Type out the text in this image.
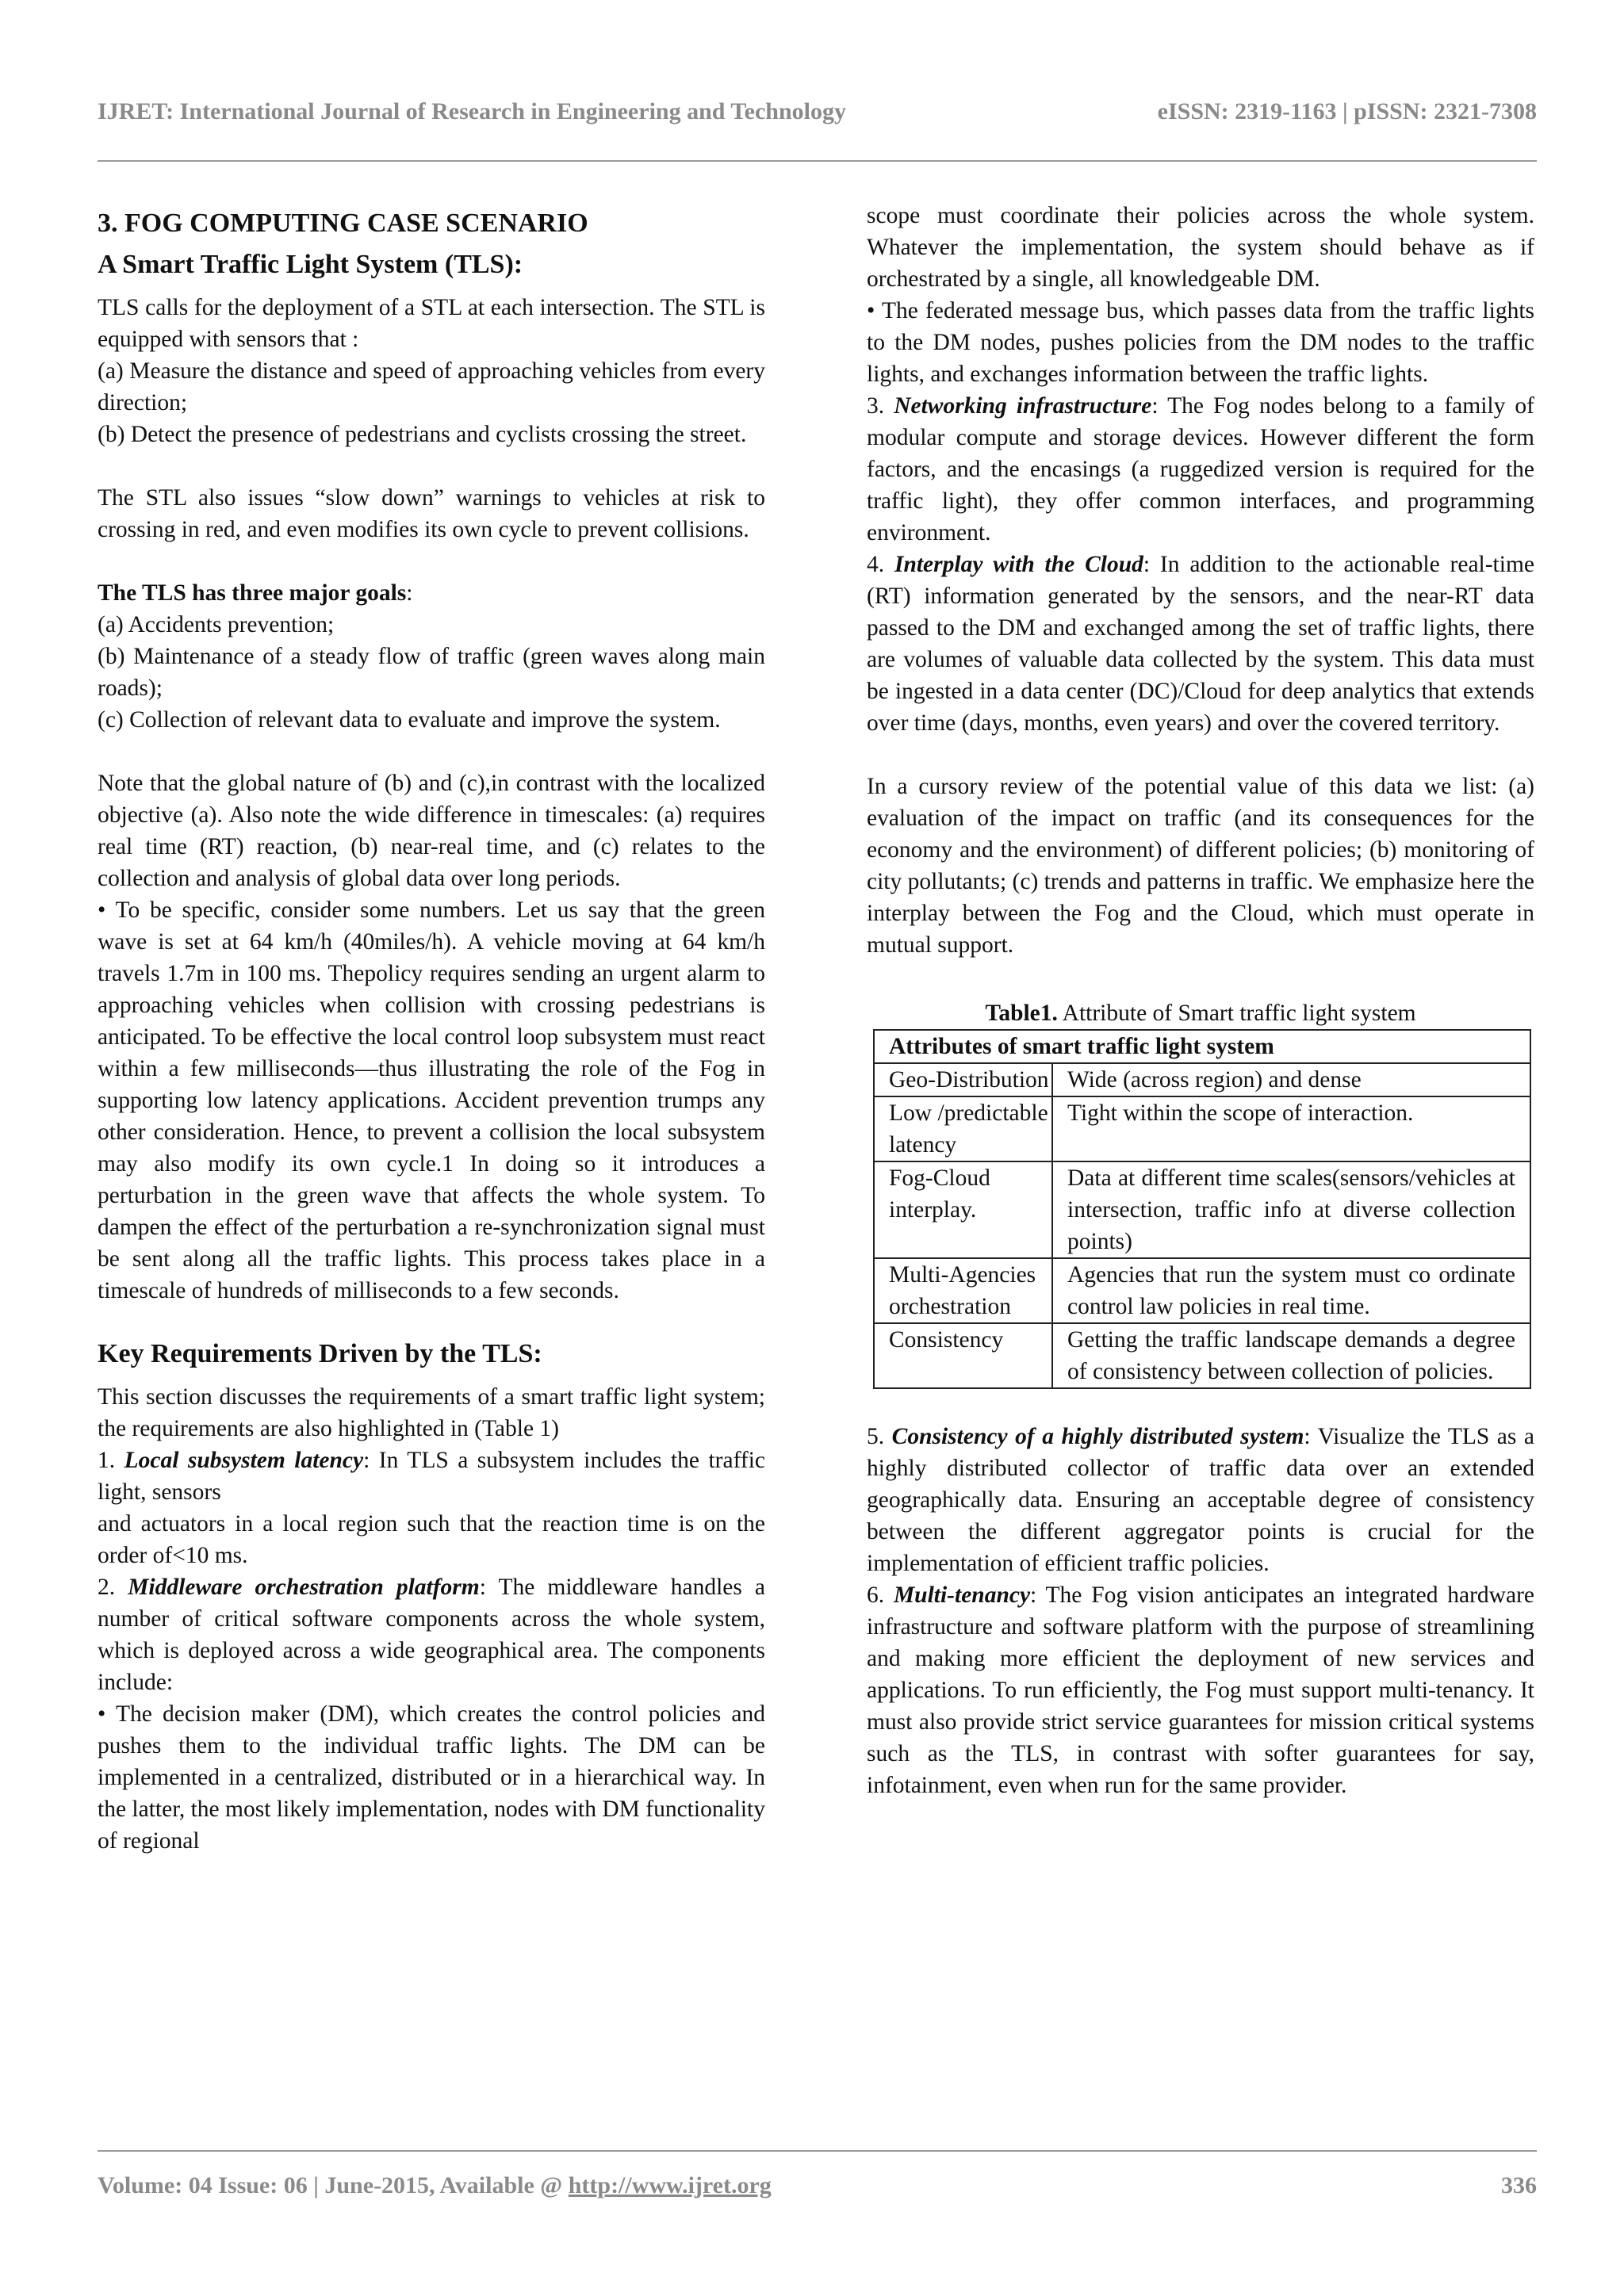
IJRET: International Journal of Research in Engineering and Technology	eISSN: 2319-1163 | pISSN: 2321-7308
3. FOG COMPUTING CASE SCENARIO
A Smart Traffic Light System (TLS):

TLS calls for the deployment of a STL at each intersection. The STL is equipped with sensors that :

(a) Measure the distance and speed of approaching vehicles from every direction;

(b) Detect the presence of pedestrians and cyclists crossing the street.

The STL also issues “slow down” warnings to vehicles at risk to crossing in red, and even modifies its own cycle to prevent collisions.

The TLS has three major goals:

(a) Accidents prevention;

(b) Maintenance of a steady flow of traffic (green waves along main roads);

(c) Collection of relevant data to evaluate and improve the system.

Note that the global nature of (b) and (c),in contrast with the localized objective (a). Also note the wide difference in timescales: (a) requires real time (RT) reaction, (b) near-real time, and (c) relates to the collection and analysis of global data over long periods.

• To be specific, consider some numbers. Let us say that the green wave is set at 64 km/h (40miles/h). A vehicle moving at 64 km/h travels 1.7m in 100 ms. Thepolicy requires sending an urgent alarm to approaching vehicles when collision with crossing pedestrians is anticipated. To be effective the local control loop subsystem must react within a few milliseconds—thus illustrating the role of the Fog in supporting low latency applications. Accident prevention trumps any other consideration. Hence, to prevent a collision the local subsystem may also modify its own cycle.1 In doing so it introduces a perturbation in the green wave that affects the whole system. To dampen the effect of the perturbation a re-synchronization signal must be sent along all the traffic lights. This process takes place in a timescale of hundreds of milliseconds to a few seconds.

Key Requirements Driven by the TLS:

This section discusses the requirements of a smart traffic light system; the requirements are also highlighted in (Table 1)

1. Local subsystem latency: In TLS a subsystem includes the traffic light, sensors

and actuators in a local region such that the reaction time is on the order of<10 ms.

2. Middleware orchestration platform: The middleware handles a number of critical software components across the whole system, which is deployed across a wide geographical area. The components include:

• The decision maker (DM), which creates the control policies and pushes them to the individual traffic lights. The DM can be implemented in a centralized, distributed or in a hierarchical way. In the latter, the most likely implementation, nodes with DM functionality of regional

scope must coordinate their policies across the whole system. Whatever the implementation, the system should behave as if orchestrated by a single, all knowledgeable DM.

• The federated message bus, which passes data from the traffic lights to the DM nodes, pushes policies from the DM nodes to the traffic lights, and exchanges information between the traffic lights.

3. Networking infrastructure: The Fog nodes belong to a family of modular compute and storage devices. However different the form factors, and the encasings (a ruggedized version is required for the traffic light), they offer common interfaces, and programming environment.

4. Interplay with the Cloud: In addition to the actionable real-time (RT) information generated by the sensors, and the near-RT data passed to the DM and exchanged among the set of traffic lights, there are volumes of valuable data collected by the system. This data must be ingested in a data center (DC)/Cloud for deep analytics that extends over time (days, months, even years) and over the covered territory.

In a cursory review of the potential value of this data we list: (a) evaluation of the impact on traffic (and its consequences for the economy and the environment) of different policies; (b) monitoring of city pollutants; (c) trends and patterns in traffic. We emphasize here the interplay between the Fog and the Cloud, which must operate in mutual support.

Table1. Attribute of Smart traffic light system
Attributes of smart traffic light system	
Geo-Distribution	Wide (across region) and dense
Low /predictable latency	Tight within the scope of interaction.
Fog-Cloud interplay.	Data at different time scales(sensors/vehicles at intersection, traffic info at diverse collection points)
Multi-Agencies orchestration	Agencies that run the system must co ordinate control law policies in real time.
Consistency	Getting the traffic landscape demands a degree of consistency between collection of policies.

5. Consistency of a highly distributed system: Visualize the TLS as a highly distributed collector of traffic data over an extended geographically data. Ensuring an acceptable degree of consistency between the different aggregator points is crucial for the implementation of efficient traffic policies.

6. Multi-tenancy: The Fog vision anticipates an integrated hardware infrastructure and software platform with the purpose of streamlining and making more efficient the deployment of new services and applications. To run efficiently, the Fog must support multi-tenancy. It must also provide strict service guarantees for mission critical systems such as the TLS, in contrast with softer guarantees for say, infotainment, even when run for the same provider.

Volume: 04 Issue: 06 | June-2015, Available @ http://www.ijret.org	336
